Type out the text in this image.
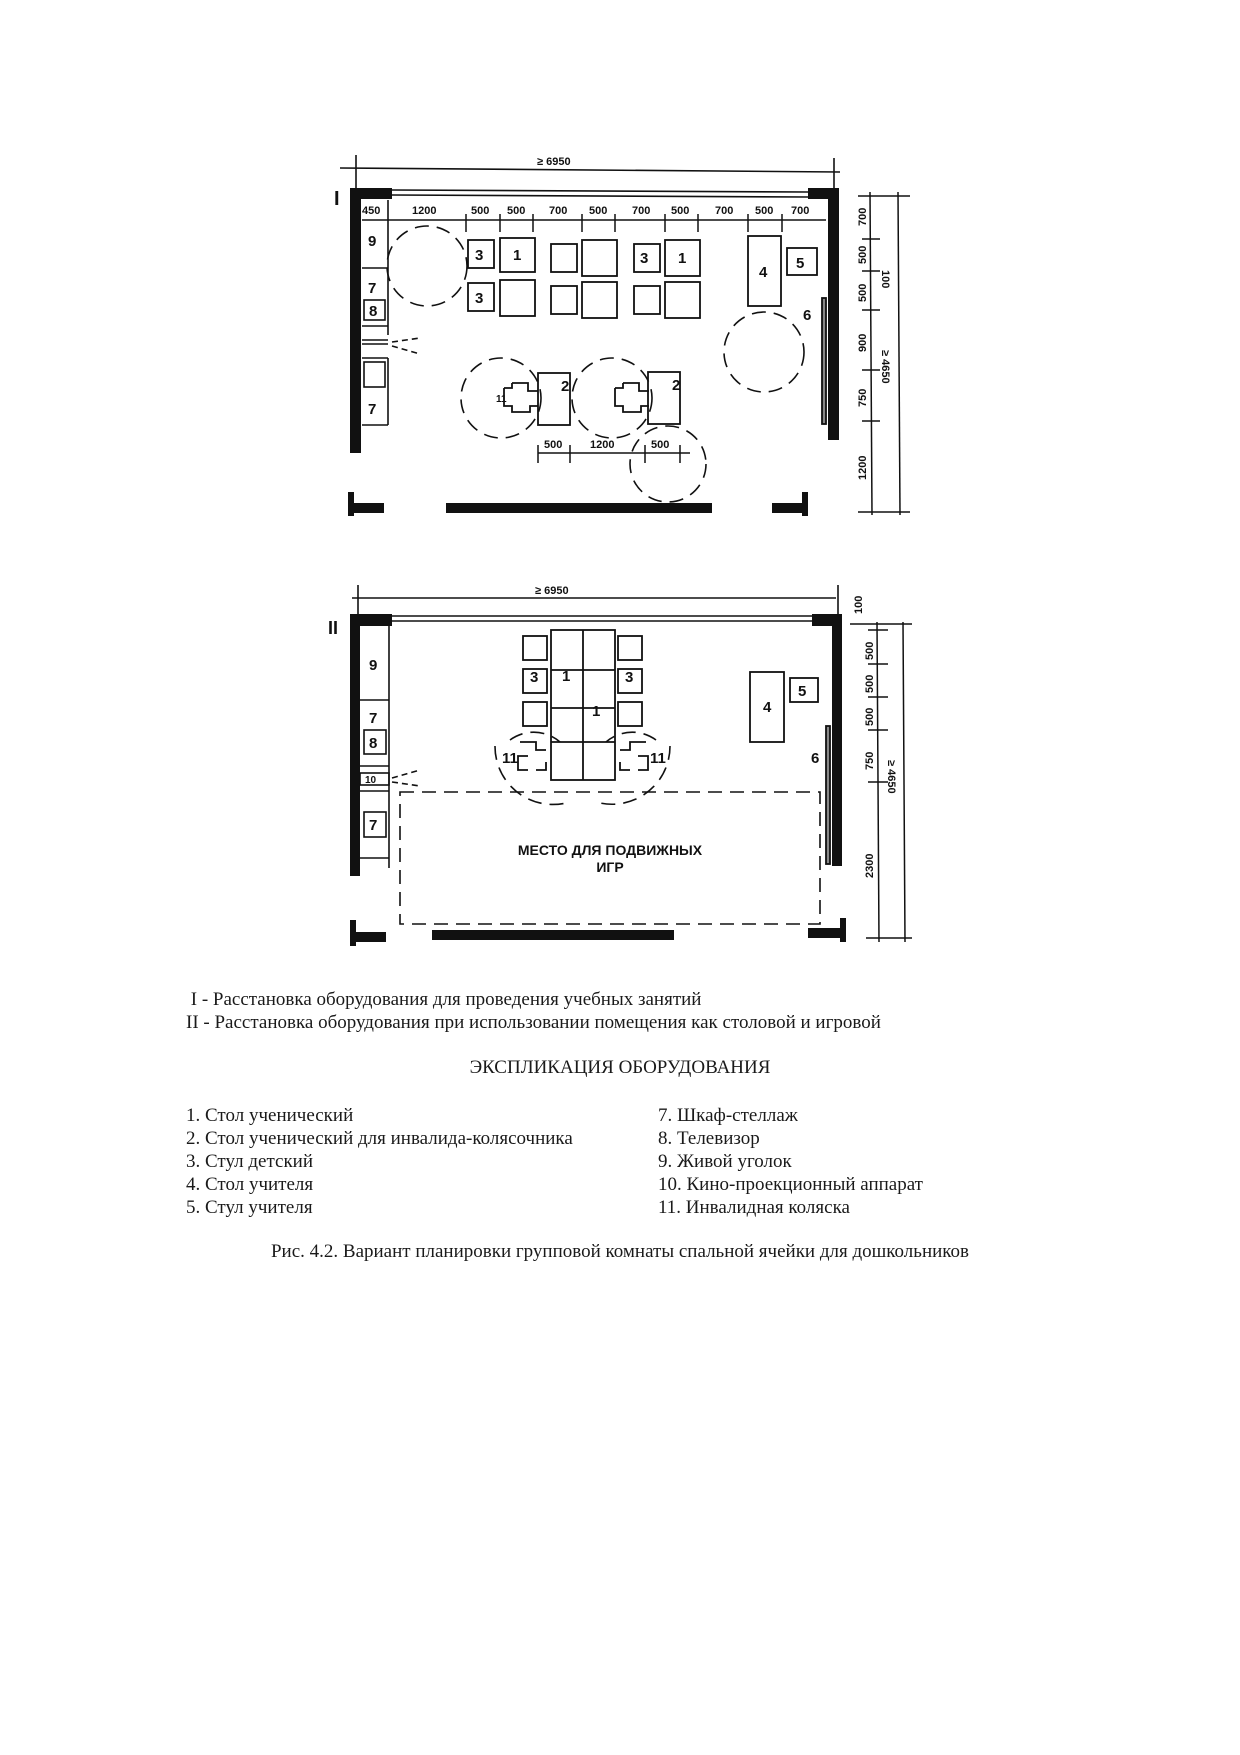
≥ 6950
I
450	1200	500 500 700 500 700 500 700 500 700
9
7
8
7
3 1
3
3 1
4
5
6
2	2
11
500	1200	500
700
500
500
900
750
1200
100
≥ 4650
≥ 6950
II
9
7
8
10
7
3 1	3
1
11	11
4
5
6
МЕСТО ДЛЯ ПОДВИЖНЫХ
ИГР
100
500
500
500
750
2300
≥ 4650
I - Расстановка оборудования для проведения учебных занятий
II - Расстановка оборудования при использовании помещения как столовой и игровой
ЭКСПЛИКАЦИЯ ОБОРУДОВАНИЯ
1. Стол ученический
2. Стол ученический для инвалида-колясочника
3. Стул детский
4. Стол учителя
5. Стул учителя
7. Шкаф-стеллаж
8. Телевизор
9. Живой уголок
10. Кино-проекционный аппарат
11. Инвалидная коляска
Рис. 4.2. Вариант планировки групповой комнаты спальной ячейки для дошкольников
